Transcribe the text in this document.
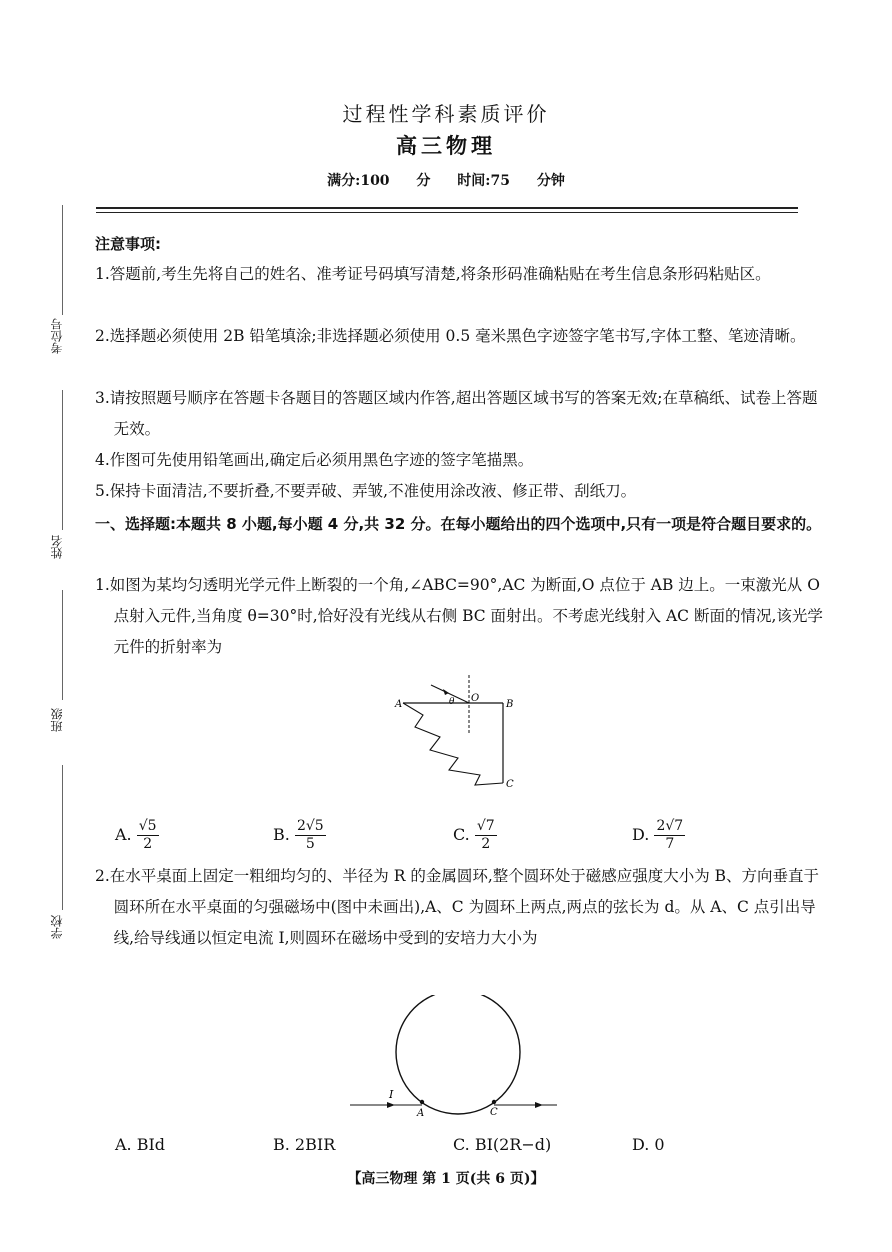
过程性学科素质评价
高三物理
满分:100 分 时间:75 分钟
考位号
姓名
班级
学校
注意事项:
1.答题前,考生先将自己的姓名、准考证号码填写清楚,将条形码准确粘贴在考生信息条形码粘贴区。
2.选择题必须使用 2B 铅笔填涂;非选择题必须使用 0.5 毫米黑色字迹签字笔书写,字体工整、笔迹清晰。
3.请按照题号顺序在答题卡各题目的答题区域内作答,超出答题区域书写的答案无效;在草稿纸、试卷上答题无效。
4.作图可先使用铅笔画出,确定后必须用黑色字迹的签字笔描黑。
5.保持卡面清洁,不要折叠,不要弄破、弄皱,不准使用涂改液、修正带、刮纸刀。
一、选择题:本题共 8 小题,每小题 4 分,共 32 分。在每小题给出的四个选项中,只有一项是符合题目要求的。
1.如图为某均匀透明光学元件上断裂的一个角,∠ABC=90°,AC 为断面,O 点位于 AB 边上。一束激光从 O 点射入元件,当角度 θ=30°时,恰好没有光线从右侧 BC 面射出。不考虑光线射入 AC 断面的情况,该光学元件的折射率为
A
O
B
C
θ
A. $\frac{√5}{2}$	B. $\frac{2√5}{5}$	C. $\frac{√7}{2}$	D. $\frac{2√7}{7}$
2.在水平桌面上固定一粗细均匀的、半径为 R 的金属圆环,整个圆环处于磁感应强度大小为 B、方向垂直于圆环所在水平桌面的匀强磁场中(图中未画出),A、C 为圆环上两点,两点的弦长为 d。从 A、C 点引出导线,给导线通以恒定电流 I,则圆环在磁场中受到的安培力大小为
I
A	C
A. BId	B. 2BIR	C. BI(2R−d)	D. 0
【高三物理 第 1 页(共 6 页)】
